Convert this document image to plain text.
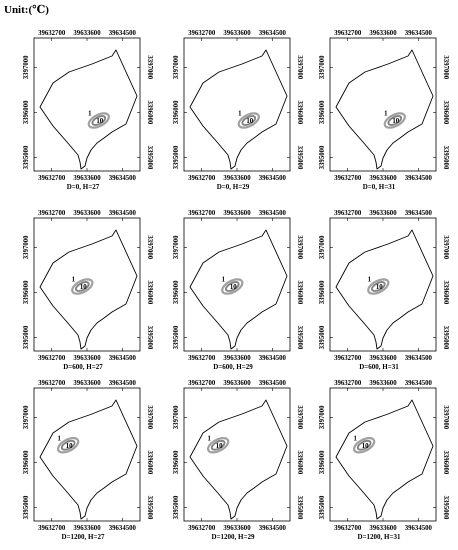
Unit:(℃)
39632700
39632700
39633600
39633600
39634500
39634500
3397000	3397000
3396000	3396000
3395000	3395000
1
10
D=0, H=27
39632700
39632700
39633600
39633600
39634500
39634500
3397000	3397000
3396000	3396000
3395000	3395000
1
10
D=0, H=29
39632700
39632700
39633600
39633600
39634500
39634500
3397000	3397000
3396000	3396000
3395000	3395000
1
10
D=0, H=31
39632700
39632700
39633600
39633600
39634500
39634500
3397000	3397000
3396000	3396000
3395000	3395000
1
10
D=600, H=27
39632700
39632700
39633600
39633600
39634500
39634500
3397000	3397000
3396000	3396000
3395000	3395000
1
10
D=600, H=29
39632700
39632700
39633600
39633600
39634500
39634500
3397000	3397000
3396000	3396000
3395000	3395000
1
10
D=600, H=31
39632700
39632700
39633600
39633600
39634500
39634500
3397000	3397000
3396000	3396000
3395000	3395000
1
10
D=1200, H=27
39632700
39632700
39633600
39633600
39634500
39634500
3397000	3397000
3396000	3396000
3395000	3395000
1
10
D=1200, H=29
39632700
39632700
39633600
39633600
39634500
39634500
3397000	3397000
3396000	3396000
3395000	3395000
1
10
D=1200, H=31
